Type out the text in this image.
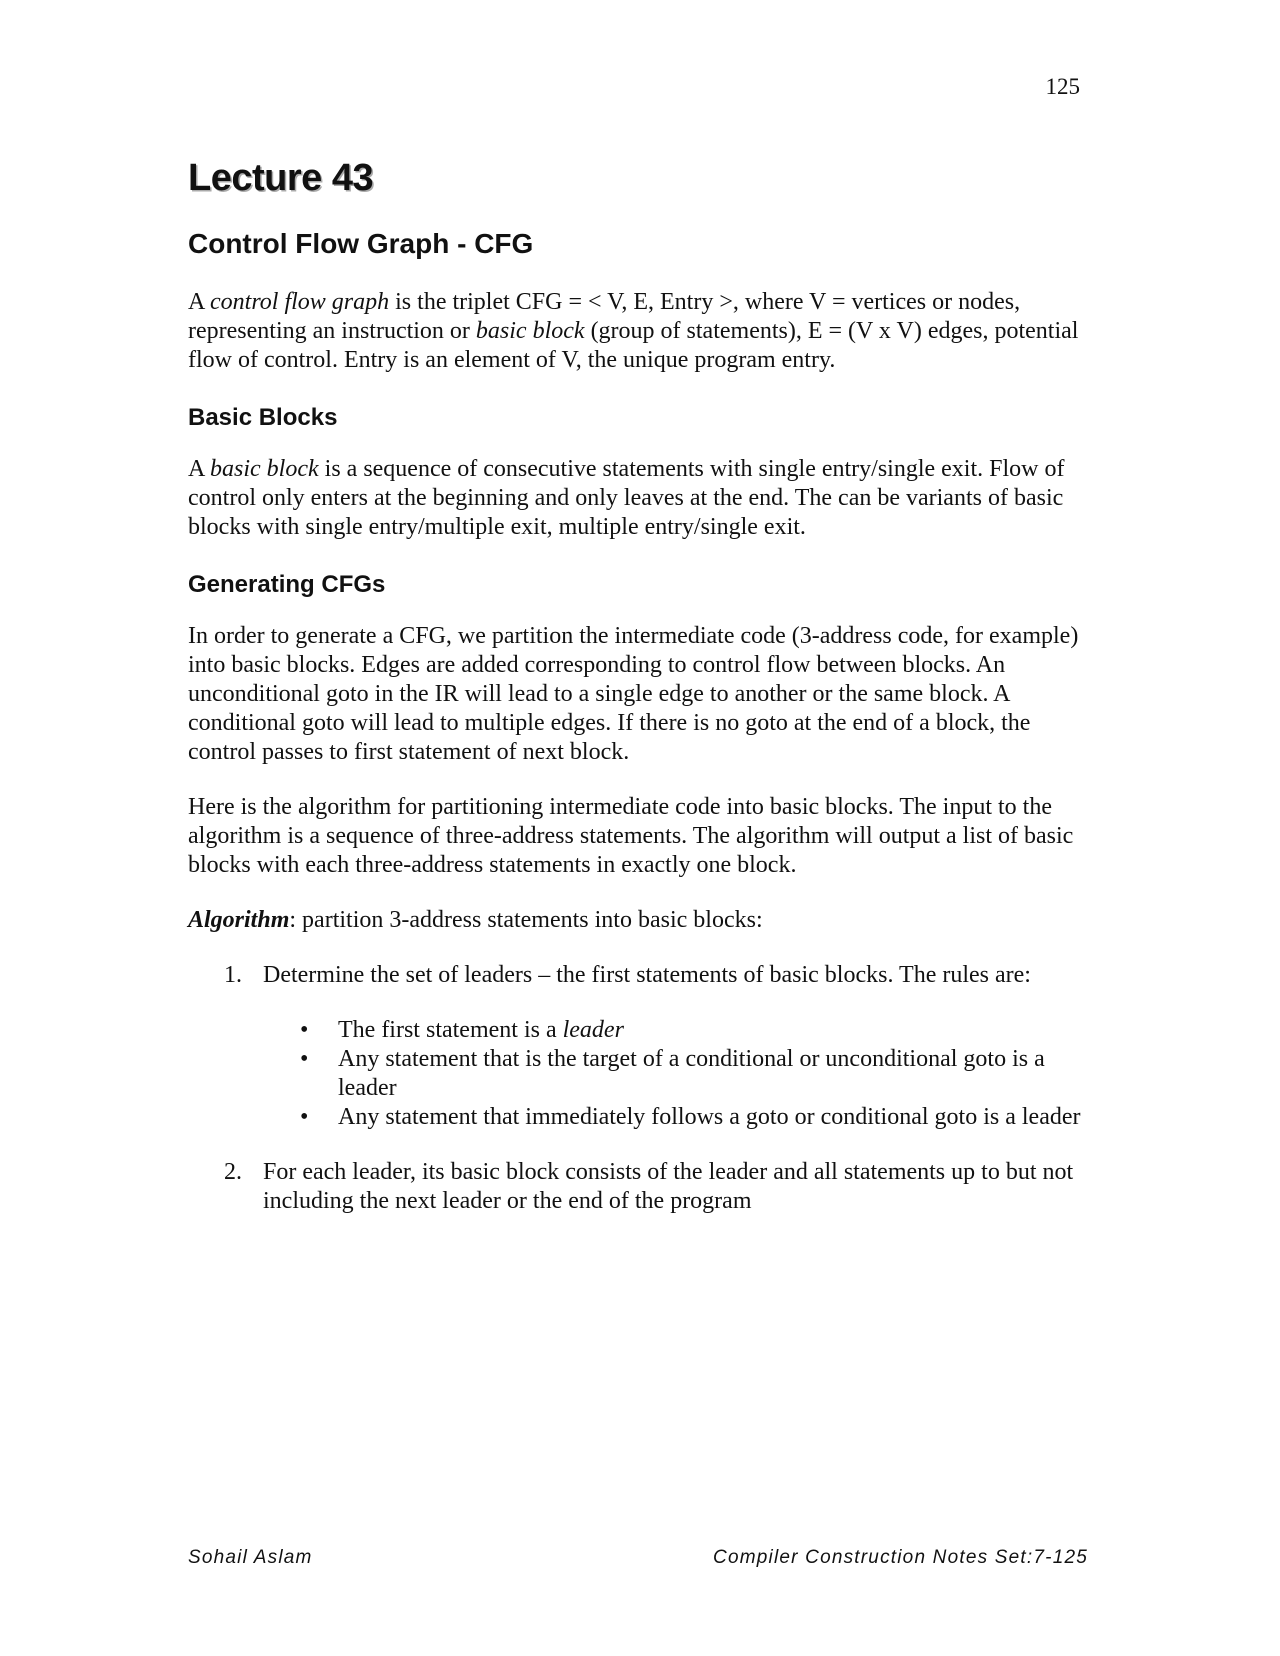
125
Lecture 43
Control Flow Graph - CFG

A control flow graph is the triplet CFG = < V, E, Entry >, where V = vertices or nodes, representing an instruction or basic block (group of statements), E = (V x V) edges, potential flow of control. Entry is an element of V, the unique program entry.

Basic Blocks

A basic block is a sequence of consecutive statements with single entry/single exit. Flow of control only enters at the beginning and only leaves at the end. The can be variants of basic blocks with single entry/multiple exit, multiple entry/single exit.

Generating CFGs

In order to generate a CFG, we partition the intermediate code (3-address code, for example) into basic blocks. Edges are added corresponding to control flow between blocks. An unconditional goto in the IR will lead to a single edge to another or the same block. A conditional goto will lead to multiple edges. If there is no goto at the end of a block, the control passes to first statement of next block.

Here is the algorithm for partitioning intermediate code into basic blocks. The input to the algorithm is a sequence of three-address statements. The algorithm will output a list of basic blocks with each three-address statements in exactly one block.

Algorithm: partition 3-address statements into basic blocks:

1. Determine the set of leaders – the first statements of basic blocks. The rules are:
• The first statement is a leader
• Any statement that is the target of a conditional or unconditional goto is a leader
• Any statement that immediately follows a goto or conditional goto is a leader
2. For each leader, its basic block consists of the leader and all statements up to but not including the next leader or the end of the program
Sohail Aslam	Compiler Construction Notes Set:7-125
